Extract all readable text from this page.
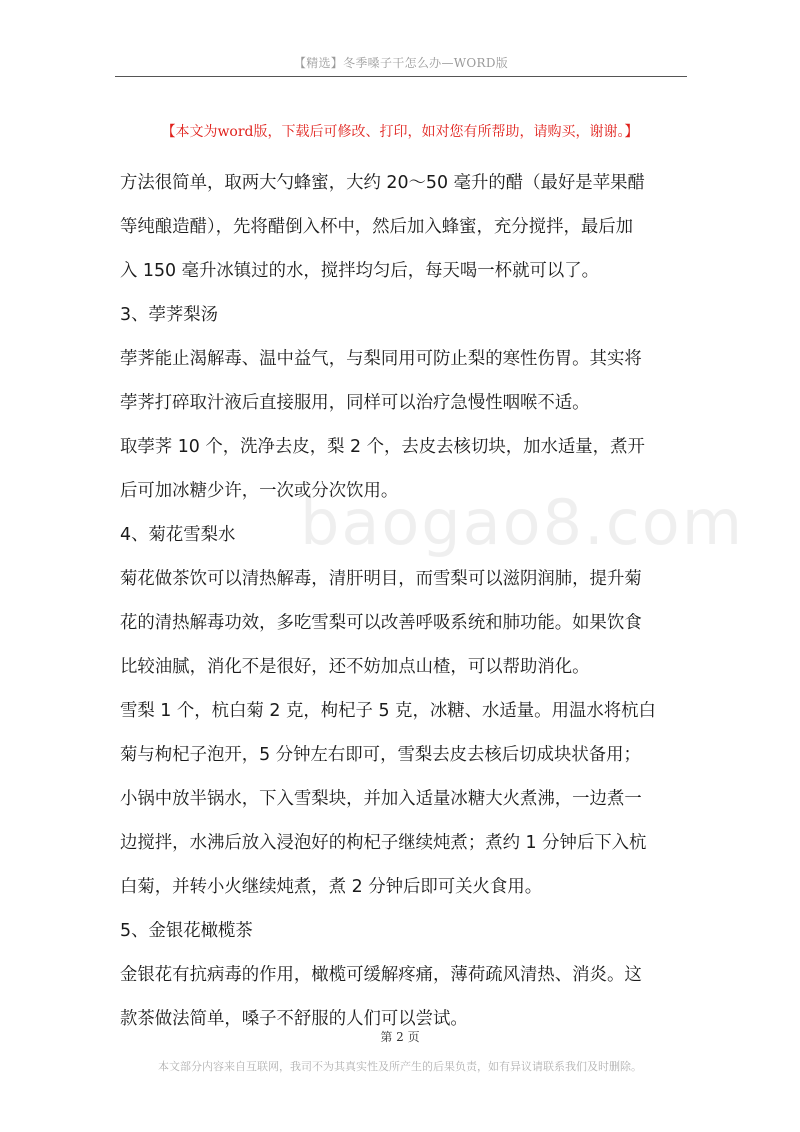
【精选】冬季嗓子干怎么办—WORD版
【本文为word版，下载后可修改、打印，如对您有所帮助，请购买，谢谢。】
baogao8.com
方法很简单，取两大勺蜂蜜，大约 20～50 毫升的醋（最好是苹果醋
等纯酿造醋），先将醋倒入杯中，然后加入蜂蜜，充分搅拌，最后加
入 150 毫升冰镇过的水，搅拌均匀后，每天喝一杯就可以了。
3、荸荠梨汤
荸荠能止渴解毒、温中益气，与梨同用可防止梨的寒性伤胃。其实将
荸荠打碎取汁液后直接服用，同样可以治疗急慢性咽喉不适。
取荸荠 10 个，洗净去皮，梨 2 个，去皮去核切块，加水适量，煮开
后可加冰糖少许，一次或分次饮用。
4、菊花雪梨水
菊花做茶饮可以清热解毒，清肝明目，而雪梨可以滋阴润肺，提升菊
花的清热解毒功效，多吃雪梨可以改善呼吸系统和肺功能。如果饮食
比较油腻，消化不是很好，还不妨加点山楂，可以帮助消化。
雪梨 1 个，杭白菊 2 克，枸杞子 5 克，冰糖、水适量。用温水将杭白
菊与枸杞子泡开，5 分钟左右即可，雪梨去皮去核后切成块状备用；
小锅中放半锅水，下入雪梨块，并加入适量冰糖大火煮沸，一边煮一
边搅拌，水沸后放入浸泡好的枸杞子继续炖煮；煮约 1 分钟后下入杭
白菊，并转小火继续炖煮，煮 2 分钟后即可关火食用。
5、金银花橄榄茶
金银花有抗病毒的作用，橄榄可缓解疼痛，薄荷疏风清热、消炎。这
款茶做法简单，嗓子不舒服的人们可以尝试。
第 2 页
本文部分内容来自互联网，我司不为其真实性及所产生的后果负责，如有异议请联系我们及时删除。
